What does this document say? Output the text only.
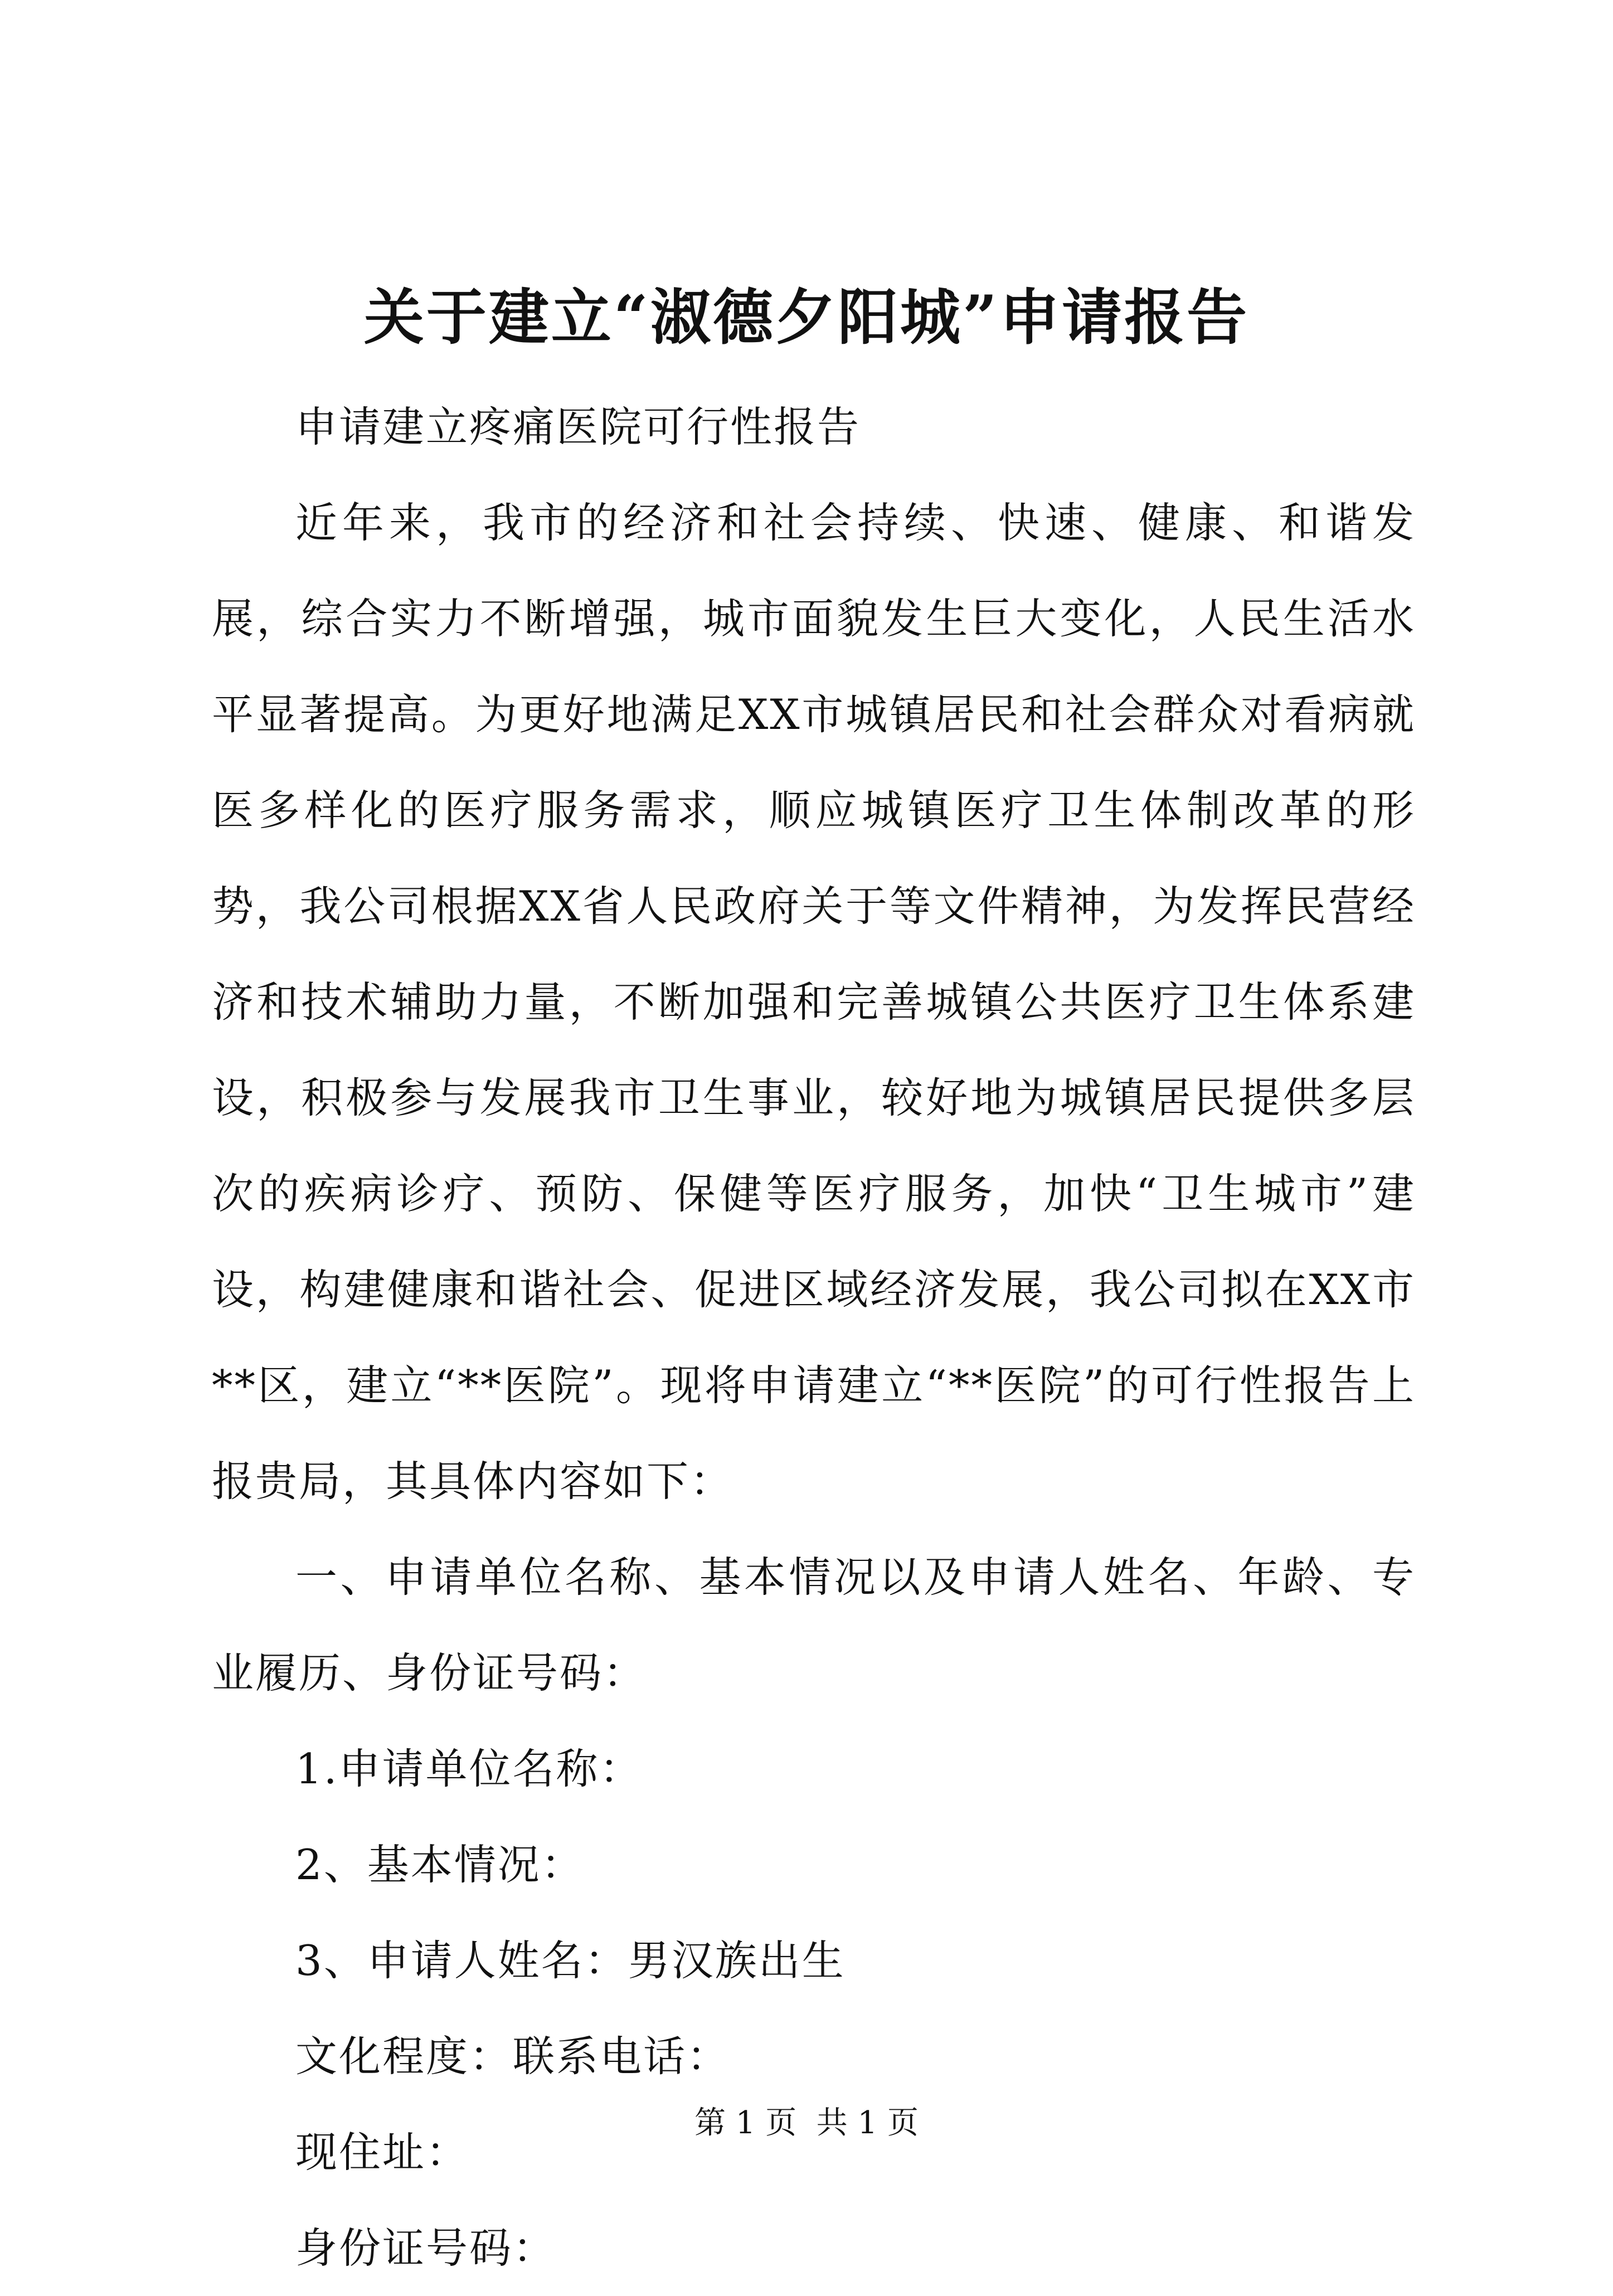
关于建立“淑德夕阳城”申请报告

申请建立疼痛医院可行性报告

近年来，我市的经济和社会持续、快速、健康、和谐发展，综合实力不断增强，城市面貌发生巨大变化，人民生活水平显著提高。为更好地满足XX市城镇居民和社会群众对看病就医多样化的医疗服务需求，顺应城镇医疗卫生体制改革的形势，我公司根据XX省人民政府关于等文件精神，为发挥民营经济和技术辅助力量，不断加强和完善城镇公共医疗卫生体系建设，积极参与发展我市卫生事业，较好地为城镇居民提供多层次的疾病诊疗、预防、保健等医疗服务，加快“卫生城市”建设，构建健康和谐社会、促进区域经济发展，我公司拟在XX市**区，建立“**医院”。现将申请建立“**医院”的可行性报告上报贵局，其具体内容如下：

一、申请单位名称、基本情况以及申请人姓名、年龄、专业履历、身份证号码：

1.申请单位名称：

2、基本情况：

3、申请人姓名：男汉族出生

文化程度：联系电话：

现住址：

身份证号码：

第 1 页  共 1 页
